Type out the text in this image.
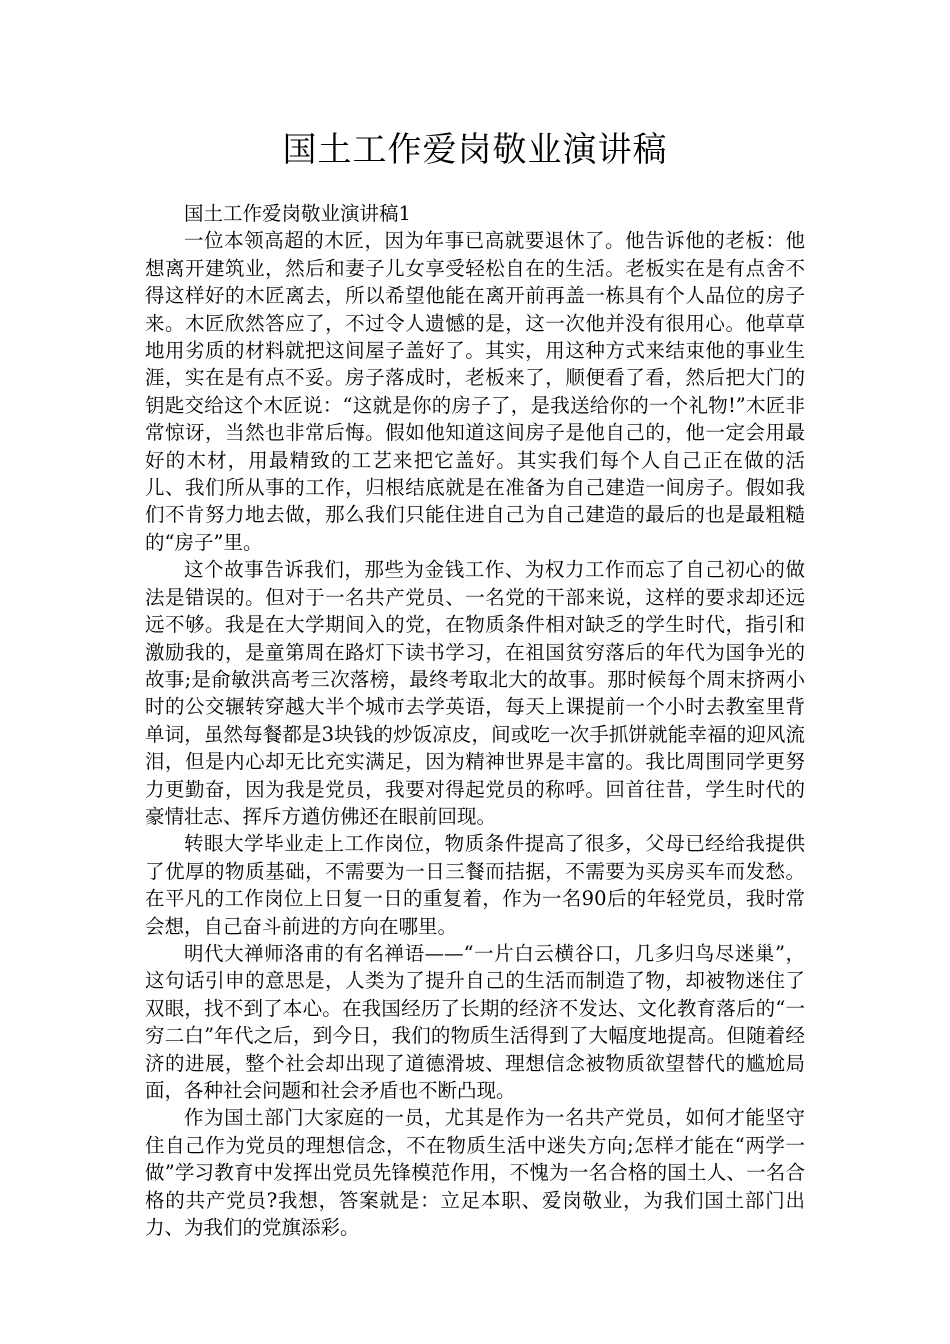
国土工作爱岗敬业演讲稿

国土工作爱岗敬业演讲稿1

一位本领高超的木匠，因为年事已高就要退休了。他告诉他的老板：他想离开建筑业，然后和妻子儿女享受轻松自在的生活。老板实在是有点舍不得这样好的木匠离去，所以希望他能在离开前再盖一栋具有个人品位的房子来。木匠欣然答应了，不过令人遗憾的是，这一次他并没有很用心。他草草地用劣质的材料就把这间屋子盖好了。其实，用这种方式来结束他的事业生涯，实在是有点不妥。房子落成时，老板来了，顺便看了看，然后把大门的钥匙交给这个木匠说：“这就是你的房子了，是我送给你的一个礼物!”木匠非常惊讶，当然也非常后悔。假如他知道这间房子是他自己的，他一定会用最好的木材，用最精致的工艺来把它盖好。其实我们每个人自己正在做的活儿、我们所从事的工作，归根结底就是在准备为自己建造一间房子。假如我们不肯努力地去做，那么我们只能住进自己为自己建造的最后的也是最粗糙的“房子”里。

这个故事告诉我们，那些为金钱工作、为权力工作而忘了自己初心的做法是错误的。但对于一名共产党员、一名党的干部来说，这样的要求却还远远不够。我是在大学期间入的党，在物质条件相对缺乏的学生时代，指引和激励我的，是童第周在路灯下读书学习，在祖国贫穷落后的年代为国争光的故事;是俞敏洪高考三次落榜，最终考取北大的故事。那时候每个周末挤两小时的公交辗转穿越大半个城市去学英语，每天上课提前一个小时去教室里背单词，虽然每餐都是3块钱的炒饭凉皮，间或吃一次手抓饼就能幸福的迎风流泪，但是内心却无比充实满足，因为精神世界是丰富的。我比周围同学更努力更勤奋，因为我是党员，我要对得起党员的称呼。回首往昔，学生时代的豪情壮志、挥斥方遒仿佛还在眼前回现。

转眼大学毕业走上工作岗位，物质条件提高了很多，父母已经给我提供了优厚的物质基础，不需要为一日三餐而拮据，不需要为买房买车而发愁。在平凡的工作岗位上日复一日的重复着，作为一名90后的年轻党员，我时常会想，自己奋斗前进的方向在哪里。

明代大禅师洛甫的有名禅语——“一片白云横谷口，几多归鸟尽迷巢”，这句话引申的意思是，人类为了提升自己的生活而制造了物，却被物迷住了双眼，找不到了本心。在我国经历了长期的经济不发达、文化教育落后的“一穷二白”年代之后，到今日，我们的物质生活得到了大幅度地提高。但随着经济的进展，整个社会却出现了道德滑坡、理想信念被物质欲望替代的尴尬局面，各种社会问题和社会矛盾也不断凸现。

作为国土部门大家庭的一员，尤其是作为一名共产党员，如何才能坚守住自己作为党员的理想信念，不在物质生活中迷失方向;怎样才能在“两学一做”学习教育中发挥出党员先锋模范作用，不愧为一名合格的国土人、一名合格的共产党员?我想，答案就是：立足本职、爱岗敬业，为我们国土部门出力、为我们的党旗添彩。
